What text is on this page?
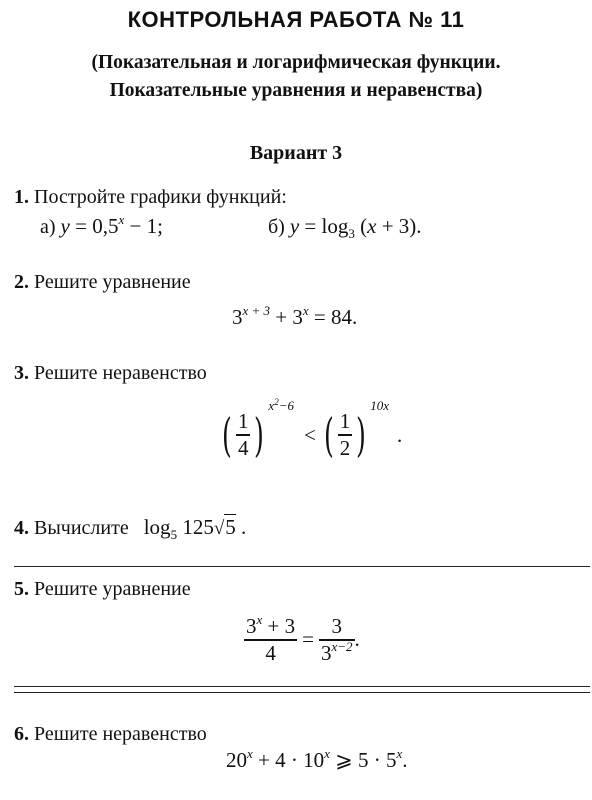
КОНТРОЛЬНАЯ РАБОТА № 11
(Показательная и логарифмическая функции.
Показательные уравнения и неравенства)
Вариант 3
1. Постройте графики функций:
а) $y = 0,5^x - 1$;	б) $y = \log_3 (x + 3)$.
2. Решите уравнение
$3^{x + 3} + 3^x = 84$.
3. Решите неравенство
( $\frac{1}{4}$ )
$x^2-6$
< ( $\frac{1}{2}$ )
10x
.
4. Вычислите $\log_5 125√5$ .
5. Решите уравнение
$\frac{3^x + 3}{4} = \frac{3}{3^{x-2}}$ .
6. Решите неравенство
$20^x + 4 \cdot 10^x$ ⩾ $5 \cdot 5^x$.
